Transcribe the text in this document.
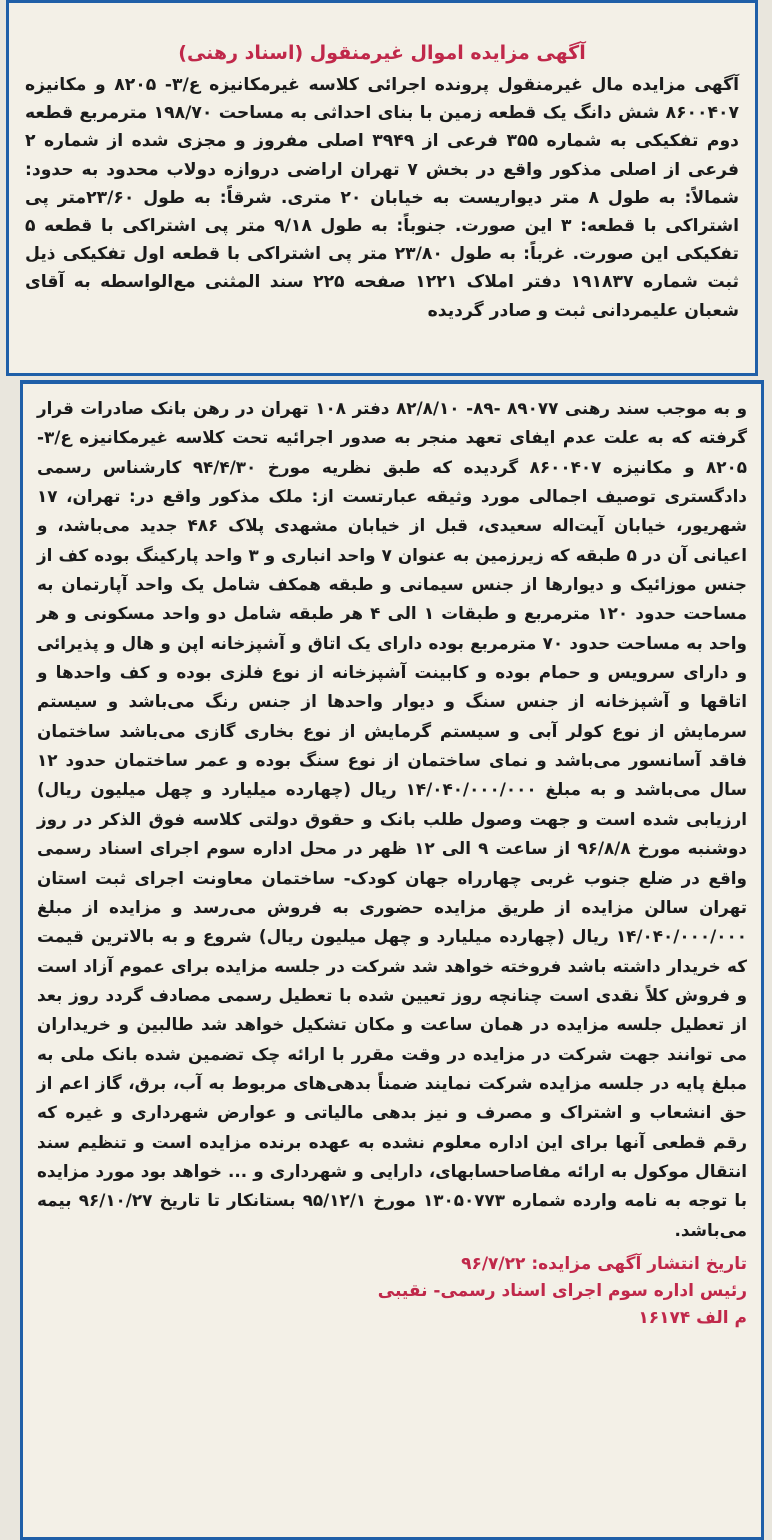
آگهی مزایده اموال غیرمنقول (اسناد رهنی)
آگهی مزایده مال غیرمنقول پرونده اجرائی کلاسه غیرمکانیزه ع/۳- ۸۲۰۵ و مکانیزه ۸۶۰۰۴۰۷ شش دانگ یک قطعه زمین با بنای احداثی به مساحت ۱۹۸/۷۰ مترمربع قطعه دوم تفکیکی به شماره ۳۵۵ فرعی از ۳۹۴۹ اصلی مفروز و مجزی شده از شماره ۲ فرعی از اصلی مذکور واقع در بخش ۷ تهران اراضی دروازه دولاب محدود به حدود: شمالاً: به طول ۸ متر دیواریست به خیابان ۲۰ متری. شرقاً: به طول ۲۳/۶۰متر پی اشتراکی با قطعه: ۳ این صورت. جنوباً: به طول ۹/۱۸ متر پی اشتراکی با قطعه ۵ تفکیکی این صورت. غرباً: به طول ۲۳/۸۰ متر پی اشتراکی با قطعه اول تفکیکی ذیل ثبت شماره ۱۹۱۸۳۷ دفتر املاک ۱۲۲۱ صفحه ۲۲۵ سند المثنی مع‌الواسطه به آقای شعبان علیمردانی ثبت و صادر گردیده
و به موجب سند رهنی ۸۹۰۷۷ -۸۹- ۸۲/۸/۱۰ دفتر ۱۰۸ تهران در رهن بانک صادرات قرار گرفته که به علت عدم ایفای تعهد منجر به صدور اجرائیه تحت کلاسه غیرمکانیزه ع/۳- ۸۲۰۵ و مکانیزه ۸۶۰۰۴۰۷ گردیده که طبق نظریه مورخ ۹۴/۴/۳۰ کارشناس رسمی دادگستری توصیف اجمالی مورد وثیقه عبارتست از: ملک مذکور واقع در: تهران، ۱۷ شهریور، خیابان آیت‌اله سعیدی، قبل از خیابان مشهدی پلاک ۴۸۶ جدید می‌باشد، و اعیانی آن در ۵ طبقه که زیرزمین به عنوان ۷ واحد انباری و ۳ واحد پارکینگ بوده کف از جنس موزائیک و دیوارها از جنس سیمانی و طبقه همکف شامل یک واحد آپارتمان به مساحت حدود ۱۲۰ مترمربع و طبقات ۱ الی ۴ هر طبقه شامل دو واحد مسکونی و هر واحد به مساحت حدود ۷۰ مترمربع بوده دارای یک اتاق و آشپزخانه اپن و هال و پذیرائی و دارای سرویس و حمام بوده و کابینت آشپزخانه از نوع فلزی بوده و کف واحدها و اتاقها و آشپزخانه از جنس سنگ و دیوار واحدها از جنس رنگ می‌باشد و سیستم سرمایش از نوع کولر آبی و سیستم گرمایش از نوع بخاری گازی می‌باشد ساختمان فاقد آسانسور می‌باشد و نمای ساختمان از نوع سنگ بوده و عمر ساختمان حدود ۱۲ سال می‌باشد و به مبلغ ۱۴/۰۴۰/۰۰۰/۰۰۰ ریال (چهارده میلیارد و چهل میلیون ریال) ارزیابی شده است و جهت وصول طلب بانک و حقوق دولتی کلاسه فوق الذکر در روز دوشنبه مورخ ۹۶/۸/۸ از ساعت ۹ الی ۱۲ ظهر در محل اداره سوم اجرای اسناد رسمی واقع در ضلع جنوب غربی چهارراه جهان کودک- ساختمان معاونت اجرای ثبت استان تهران سالن مزایده از طریق مزایده حضوری به فروش می‌رسد و مزایده از مبلغ ۱۴/۰۴۰/۰۰۰/۰۰۰ ریال (چهارده میلیارد و چهل میلیون ریال) شروع و به بالاترین قیمت که خریدار داشته باشد فروخته خواهد شد شرکت در جلسه مزایده برای عموم آزاد است و فروش کلاً نقدی است چنانچه روز تعیین شده با تعطیل رسمی مصادف گردد روز بعد از تعطیل جلسه مزایده در همان ساعت و مکان تشکیل خواهد شد طالبین و خریداران می توانند جهت شرکت در مزایده در وقت مقرر با ارائه چک تضمین شده بانک ملی به مبلغ پایه در جلسه مزایده شرکت نمایند ضمناً بدهی‌های مربوط به آب، برق، گاز اعم از حق انشعاب و اشتراک و مصرف و نیز بدهی مالیاتی و عوارض شهرداری و غیره که رقم قطعی آنها برای این اداره معلوم نشده به عهده برنده مزایده است و تنظیم سند انتقال موکول به ارائه مفاصاحسابهای، دارایی و شهرداری و ... خواهد بود مورد مزایده با توجه به نامه وارده شماره ۱۳۰۵۰۷۷۳ مورخ ۹۵/۱۲/۱ بستانکار تا تاریخ ۹۶/۱۰/۲۷ بیمه می‌باشد.
تاریخ انتشار آگهی مزایده: ۹۶/۷/۲۲
رئیس اداره سوم اجرای اسناد رسمی- نقیبی
م الف ۱۶۱۷۴
